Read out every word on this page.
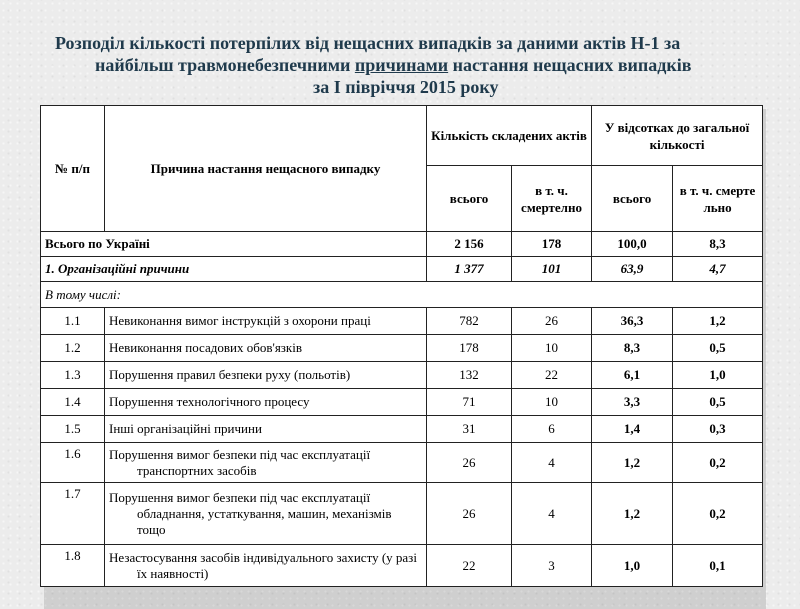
Розподіл кількості потерпілих від нещасних випадків за даними актів Н-1 за
найбільш травмонебезпечними причинами настання нещасних випадків
за І півріччя 2015 року
№ п/п	Причина настання нещасного випадку	Кількість складених актів		У відсотках до загальної кількості	
		всього	в т. ч. смертелно	всього	в т. ч. смерте льно
Всього по Україні		2 156	178	100,0	8,3
1. Організаційні причини		1 377	101	63,9	4,7
В тому числі:					
1.1	Невиконання вимог інструкцій з охорони праці	782	26	36,3	1,2
1.2	Невиконання посадових обов'язків	178	10	8,3	0,5
1.3	Порушення правил безпеки руху (польотів)	132	22	6,1	1,0
1.4	Порушення технологічного процесу	71	10	3,3	0,5
1.5	Інші організаційні причини	31	6	1,4	0,3
1.6	Порушення вимог безпеки під час експлуатації транспортних засобів	26	4	1,2	0,2
1.7	Порушення вимог безпеки під час експлуатації обладнання, устаткування, машин, механізмів тощо	26	4	1,2	0,2
1.8	Незастосування засобів індивідуального захисту (у разі їх наявності)	22	3	1,0	0,1
